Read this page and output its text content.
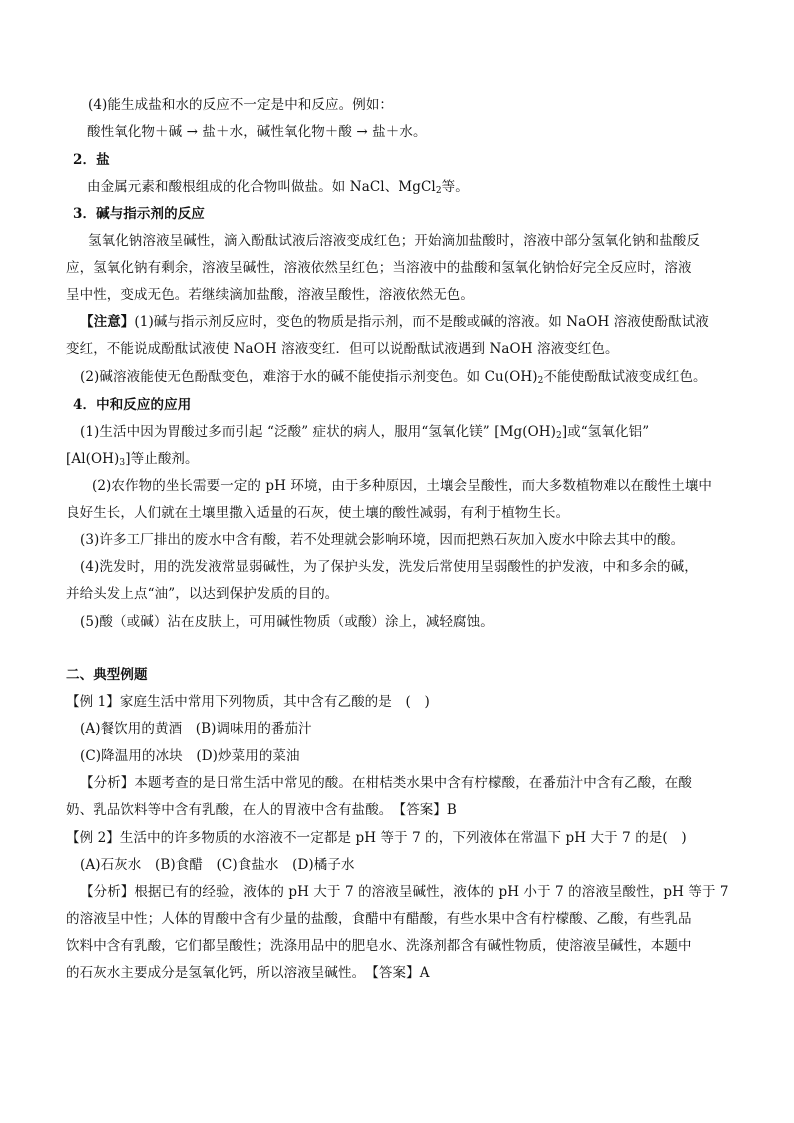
(4)能生成盐和水的反应不一定是中和反应。例如：
酸性氧化物＋碱 → 盐＋水，碱性氧化物＋酸 → 盐＋水。
2．盐
由金属元素和酸根组成的化合物叫做盐。如 NaCl、MgCl$_2$等。
3．碱与指示剂的反应
氢氧化钠溶液呈碱性，滴入酚酞试液后溶液变成红色；开始滴加盐酸时，溶液中部分氢氧化钠和盐酸反
应，氢氧化钠有剩余，溶液呈碱性，溶液依然呈红色；当溶液中的盐酸和氢氧化钠恰好完全反应时，溶液
呈中性，变成无色。若继续滴加盐酸，溶液呈酸性，溶液依然无色。
【注意】(1)碱与指示剂反应时，变色的物质是指示剂，而不是酸或碱的溶液。如 NaOH 溶液使酚酞试液
变红，不能说成酚酞试液使 NaOH 溶液变红．但可以说酚酞试液遇到 NaOH 溶液变红色。
(2)碱溶液能使无色酚酞变色，难溶于水的碱不能使指示剂变色。如 $Cu(OH)_2$不能使酚酞试液变成红色。
4．中和反应的应用
(1)生活中因为胃酸过多而引起 “泛酸” 症状的病人，服用“氢氧化镁” $[Mg(OH)_2]$或“氢氧化铝”
$[Al(OH)_3]$等止酸剂。
(2)农作物的坐长需要一定的 pH 环境，由于多种原因，土壤会呈酸性，而大多数植物难以在酸性土壤中
良好生长，人们就在土壤里撒入适量的石灰，使土壤的酸性减弱，有利于植物生长。
(3)许多工厂排出的废水中含有酸，若不处理就会影响环境，因而把熟石灰加入废水中除去其中的酸。
(4)洗发时，用的洗发液常显弱碱性，为了保护头发，洗发后常使用呈弱酸性的护发液，中和多余的碱，
并给头发上点“油”，以达到保护发质的目的。
(5)酸（或碱）沾在皮肤上，可用碱性物质（或酸）涂上，减轻腐蚀。
二、典型例题
【例 1】家庭生活中常用下列物质，其中含有乙酸的是　(　)
(A)餐饮用的黄酒　(B)调味用的番茄汁
(C)降温用的冰块　(D)炒菜用的菜油
【分析】本题考查的是日常生活中常见的酸。在柑桔类水果中含有柠檬酸，在番茄汁中含有乙酸，在酸
奶、乳品饮料等中含有乳酸，在人的胃液中含有盐酸。　【答案】B
【例 2】生活中的许多物质的水溶液不一定都是 pH 等于 7 的，下列液体在常温下 pH 大于 7 的是(　)
(A)石灰水　(B)食醋　(C)食盐水　(D)橘子水
【分析】根据已有的经验，液体的 pH 大于 7 的溶液呈碱性，液体的 pH 小于 7 的溶液呈酸性，pH 等于 7
的溶液呈中性；人体的胃酸中含有少量的盐酸，食醋中有醋酸，有些水果中含有柠檬酸、乙酸，有些乳品
饮料中含有乳酸，它们都呈酸性；洗涤用品中的肥皂水、洗涤剂都含有碱性物质，使溶液呈碱性，本题中
的石灰水主要成分是氢氧化钙，所以溶液呈碱性。　【答案】A
